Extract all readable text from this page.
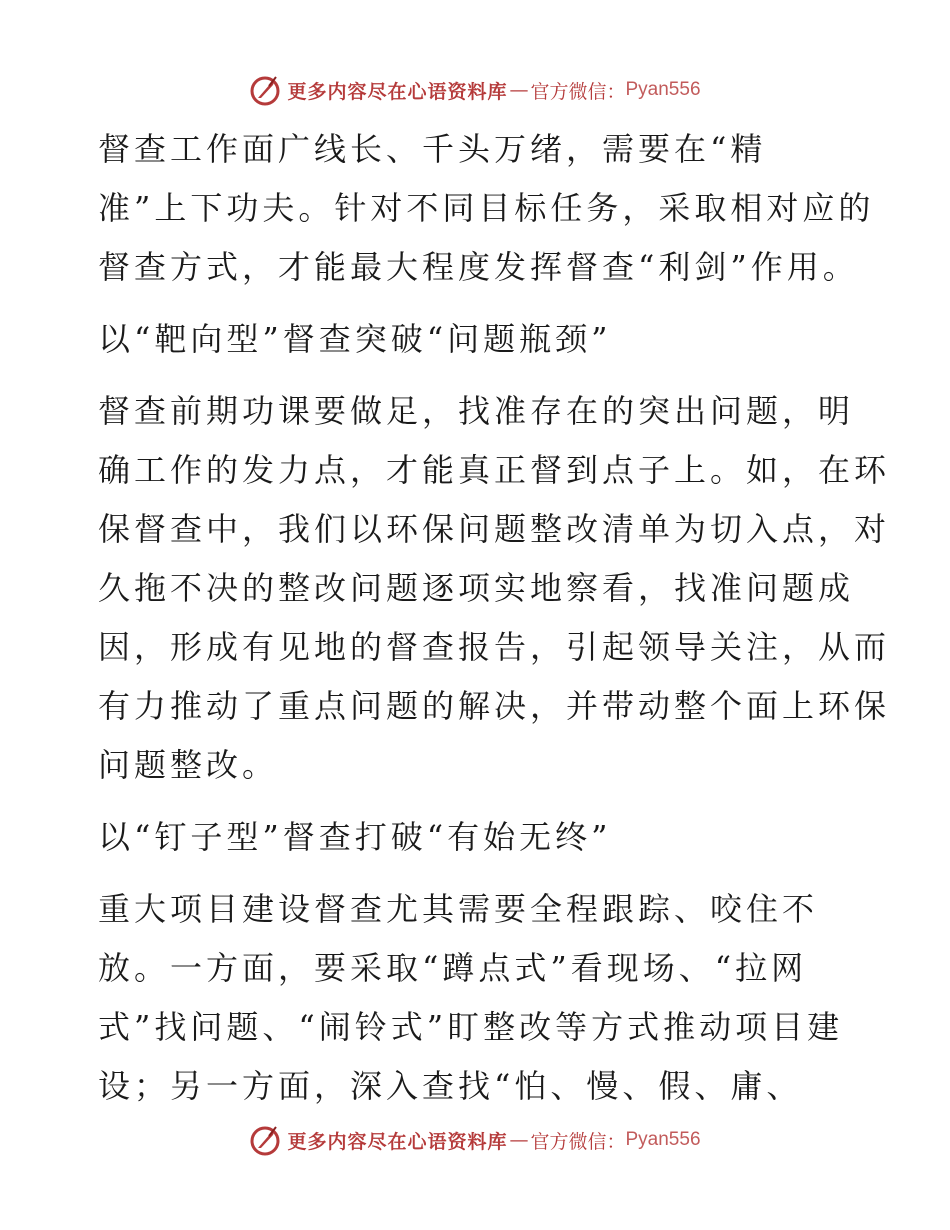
更多内容尽在心语资料库 — 官方微信： Pyan556

督查工作面广线长、千头万绪，需要在“精
准”上下功夫。针对不同目标任务，采取相对应的
督查方式，才能最大程度发挥督查“利剑”作用。

以“靶向型”督查突破“问题瓶颈”

督查前期功课要做足，找准存在的突出问题，明
确工作的发力点，才能真正督到点子上。如，在环
保督查中，我们以环保问题整改清单为切入点，对
久拖不决的整改问题逐项实地察看，找准问题成
因，形成有见地的督查报告，引起领导关注，从而
有力推动了重点问题的解决，并带动整个面上环保
问题整改。

以“钉子型”督查打破“有始无终”

重大项目建设督查尤其需要全程跟踪、咬住不
放。一方面，要采取“蹲点式”看现场、“拉网
式”找问题、“闹铃式”盯整改等方式推动项目建
设；另一方面，深入查找“怕、慢、假、庸、

更多内容尽在心语资料库 — 官方微信： Pyan556
